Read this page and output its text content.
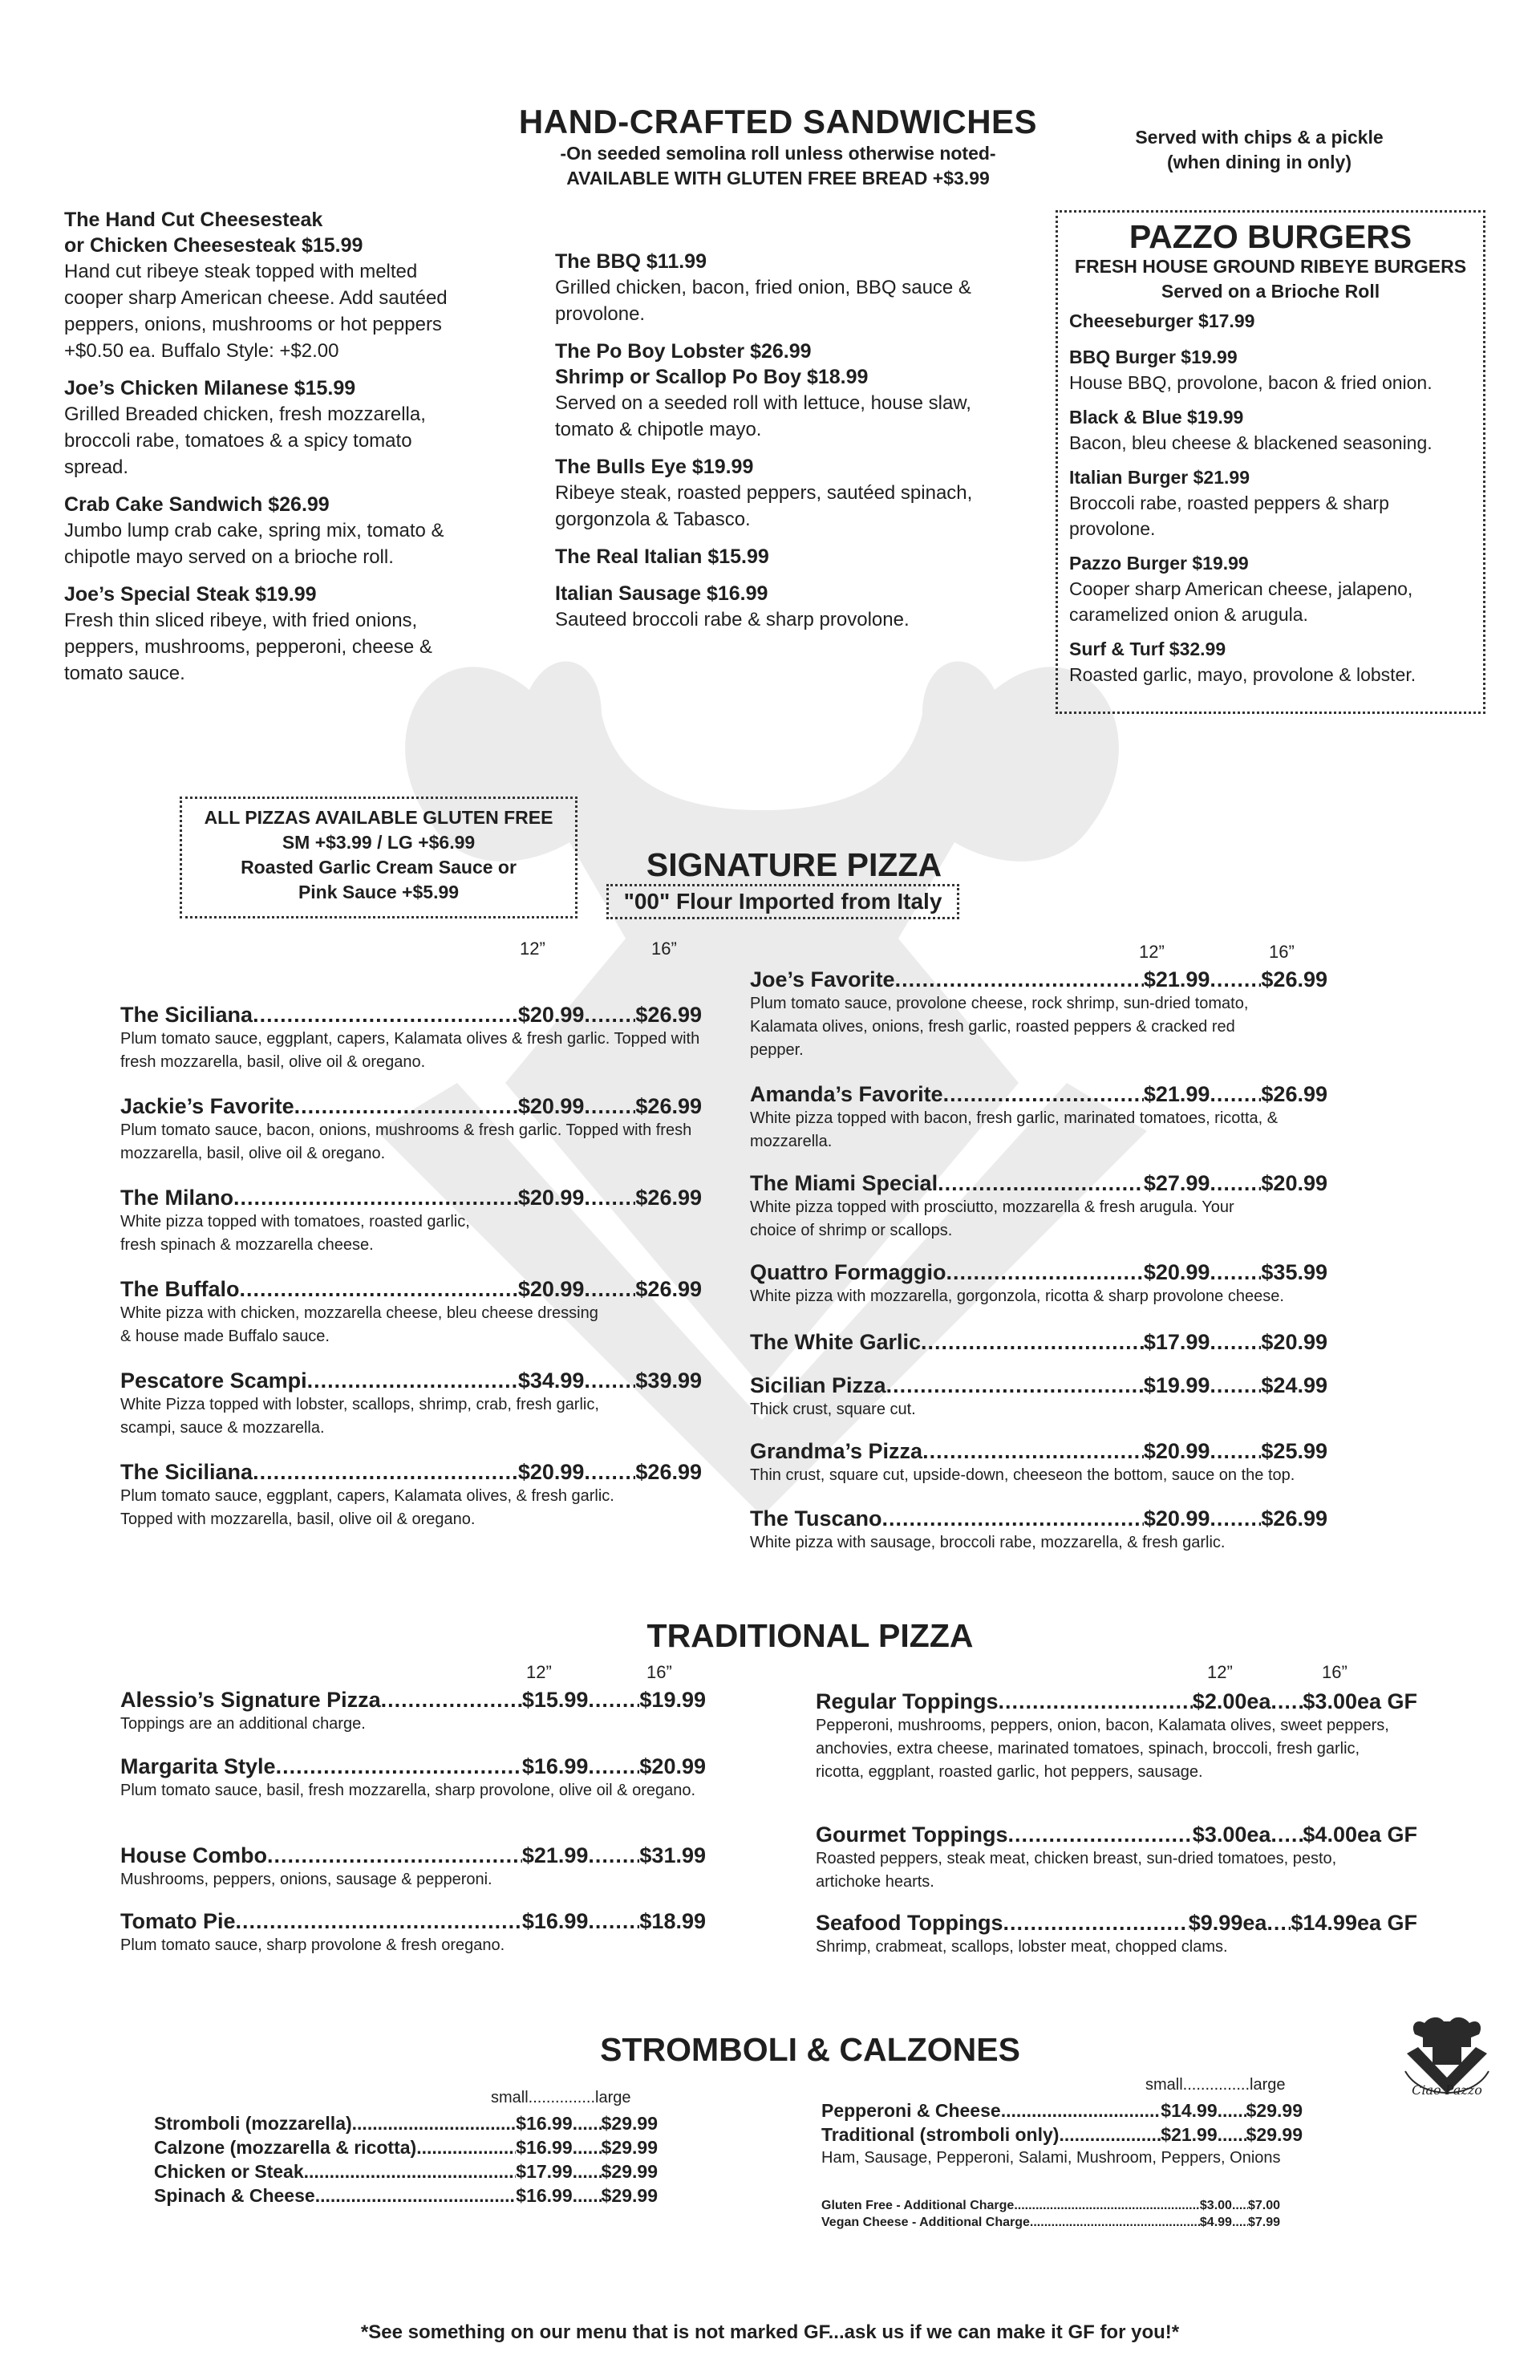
HAND-CRAFTED SANDWICHES
-On seeded semolina roll unless otherwise noted-
AVAILABLE WITH GLUTEN FREE BREAD +$3.99
Served with chips & a pickle
(when dining in only)
The Hand Cut Cheesesteak
or Chicken Cheesesteak $15.99
Hand cut ribeye steak topped with melted cooper sharp American cheese. Add sautéed peppers, onions, mushrooms or hot peppers +$0.50 ea. Buffalo Style: +$2.00
Joe’s Chicken Milanese $15.99
Grilled Breaded chicken, fresh mozzarella, broccoli rabe, tomatoes & a spicy tomato spread.
Crab Cake Sandwich $26.99
Jumbo lump crab cake, spring mix, tomato & chipotle mayo served on a brioche roll.
Joe’s Special Steak $19.99
Fresh thin sliced ribeye, with fried onions, peppers, mushrooms, pepperoni, cheese & tomato sauce.
The BBQ $11.99
Grilled chicken, bacon, fried onion, BBQ sauce & provolone.
The Po Boy Lobster $26.99
Shrimp or Scallop Po Boy $18.99
Served on a seeded roll with lettuce, house slaw, tomato & chipotle mayo.
The Bulls Eye $19.99
Ribeye steak, roasted peppers, sautéed spinach, gorgonzola & Tabasco.
The Real Italian $15.99
Italian Sausage $16.99
Sauteed broccoli rabe & sharp provolone.
PAZZO BURGERS
FRESH HOUSE GROUND RIBEYE BURGERS
Served on a Brioche Roll
Cheeseburger $17.99
BBQ Burger $19.99
House BBQ, provolone, bacon & fried onion.
Black & Blue $19.99
Bacon, bleu cheese & blackened seasoning.
Italian Burger $21.99
Broccoli rabe, roasted peppers & sharp provolone.
Pazzo Burger $19.99
Cooper sharp American cheese, jalapeno, caramelized onion & arugula.
Surf & Turf $32.99
Roasted garlic, mayo, provolone & lobster.
ALL PIZZAS AVAILABLE GLUTEN FREE
SM +$3.99 / LG +$6.99
Roasted Garlic Cream Sauce or
Pink Sauce +$5.99
SIGNATURE PIZZA
"00" Flour Imported from Italy
12”	16”	12”	16”
The Siciliana .....	$20.99 ..... $26.99
Plum tomato sauce, eggplant, capers, Kalamata olives & fresh garlic. Topped with fresh mozzarella, basil, olive oil & oregano.
Jackie’s Favorite .....	$20.99 ..... $26.99
Plum tomato sauce, bacon, onions, mushrooms & fresh garlic. Topped with fresh mozzarella, basil, olive oil & oregano.
The Milano .....	$20.99 ..... $26.99
White pizza topped with tomatoes, roasted garlic, fresh spinach & mozzarella cheese.
The Buffalo .....	$20.99 ..... $26.99
White pizza with chicken, mozzarella cheese, bleu cheese dressing & house made Buffalo sauce.
Pescatore Scampi .....	$34.99 ..... $39.99
White Pizza topped with lobster, scallops, shrimp, crab, fresh garlic, scampi, sauce & mozzarella.
The Siciliana .....	$20.99 ..... $26.99
Plum tomato sauce, eggplant, capers, Kalamata olives, & fresh garlic. Topped with mozzarella, basil, olive oil & oregano.
Joe’s Favorite .....	$21.99 ..... $26.99
Plum tomato sauce, provolone cheese, rock shrimp, sun-dried tomato, Kalamata olives, onions, fresh garlic, roasted peppers & cracked red pepper.
Amanda’s Favorite .....	$21.99 ..... $26.99
White pizza topped with bacon, fresh garlic, marinated tomatoes, ricotta, & mozzarella.
The Miami Special .....	$27.99 ..... $20.99
White pizza topped with prosciutto, mozzarella & fresh arugula. Your choice of shrimp or scallops.
Quattro Formaggio .....	$20.99 ..... $35.99
White pizza with mozzarella, gorgonzola, ricotta & sharp provolone cheese.
The White Garlic .....	$17.99 ..... $20.99
Sicilian Pizza .....	$19.99 ..... $24.99
Thick crust, square cut.
Grandma’s Pizza .....	$20.99 ..... $25.99
Thin crust, square cut, upside-down, cheeseon the bottom, sauce on the top.
The Tuscano .....	$20.99 ..... $26.99
White pizza with sausage, broccoli rabe, mozzarella, & fresh garlic.
TRADITIONAL PIZZA
12”	16”	12”	16”
Alessio’s Signature Pizza .....	$15.99 ..... $19.99
Toppings are an additional charge.
Margarita Style .....	$16.99 ..... $20.99
Plum tomato sauce, basil, fresh mozzarella, sharp provolone, olive oil & oregano.
House Combo .....	$21.99 ..... $31.99
Mushrooms, peppers, onions, sausage & pepperoni.
Tomato Pie .....	$16.99 ..... $18.99
Plum tomato sauce, sharp provolone & fresh oregano.
Regular Toppings .....	$2.00ea ..... $3.00ea GF
Pepperoni, mushrooms, peppers, onion, bacon, Kalamata olives, sweet peppers, anchovies, extra cheese, marinated tomatoes, spinach, broccoli, fresh garlic, ricotta, eggplant, roasted garlic, hot peppers, sausage.
Gourmet Toppings .....	$3.00ea ..... $4.00ea GF
Roasted peppers, steak meat, chicken breast, sun-dried tomatoes, pesto, artichoke hearts.
Seafood Toppings .....	$9.99ea ..... $14.99ea GF
Shrimp, crabmeat, scallops, lobster meat, chopped clams.
STROMBOLI & CALZONES
small...............large
Stromboli (mozzarella) .....	$16.99 ..... $29.99
Calzone (mozzarella & ricotta) .....	$16.99 ..... $29.99
Chicken or Steak .....	$17.99 ..... $29.99
Spinach & Cheese .....	$16.99 ..... $29.99
small...............large
Pepperoni & Cheese .....	$14.99 ..... $29.99
Traditional (stromboli only) .....	$21.99 ..... $29.99
Ham, Sausage, Pepperoni, Salami, Mushroom, Peppers, Onions
Gluten Free - Additional Charge .....	$3.00 ..... $7.00
Vegan Cheese - Additional Charge .....	$4.99 ..... $7.99
Ciao Pazzo
*See something on our menu that is not marked GF...ask us if we can make it GF for you!*
